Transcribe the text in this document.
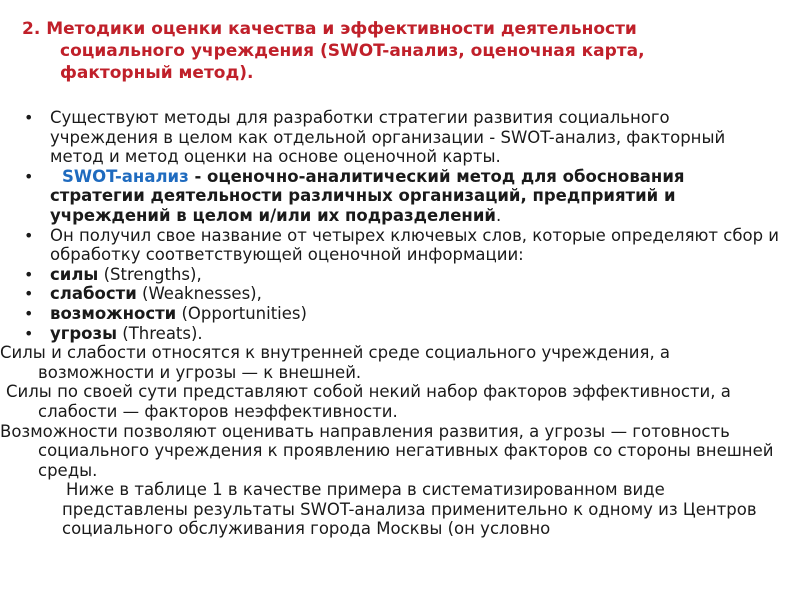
2. Методики оценки качества и эффективности деятельности
социального учреждения (SWOT-анализ, оценочная карта,
факторный метод).
• Существуют методы для разработки стратегии развития социального учреждения в целом как отдельной организации - SWOT-анализ, факторный метод и метод оценки на основе оценочной карты.
• SWOT-анализ - оценочно-аналитический метод для обоснования стратегии деятельности различных организаций, предприятий и учреждений в целом и/или их подразделений.
• Он получил свое название от четырех ключевых слов, которые определяют сбор и обработку соответствующей оценочной информации:
• силы (Strengths),
• слабости (Weaknesses),
• возможности (Opportunities)
• угрозы (Threats).
Силы и слабости относятся к внутренней среде социального учреждения, а возможности и угрозы — к внешней.
Силы по своей сути представляют собой некий набор факторов эффективности, а слабости — факторов неэффективности.
Возможности позволяют оценивать направления развития, а угрозы — готовность социального учреждения к проявлению негативных факторов со стороны внешней среды.
Ниже в таблице 1 в качестве примера в систематизированном виде представлены результаты SWOT-анализа применительно к одному из Центров социального обслуживания города Москвы (он условно
